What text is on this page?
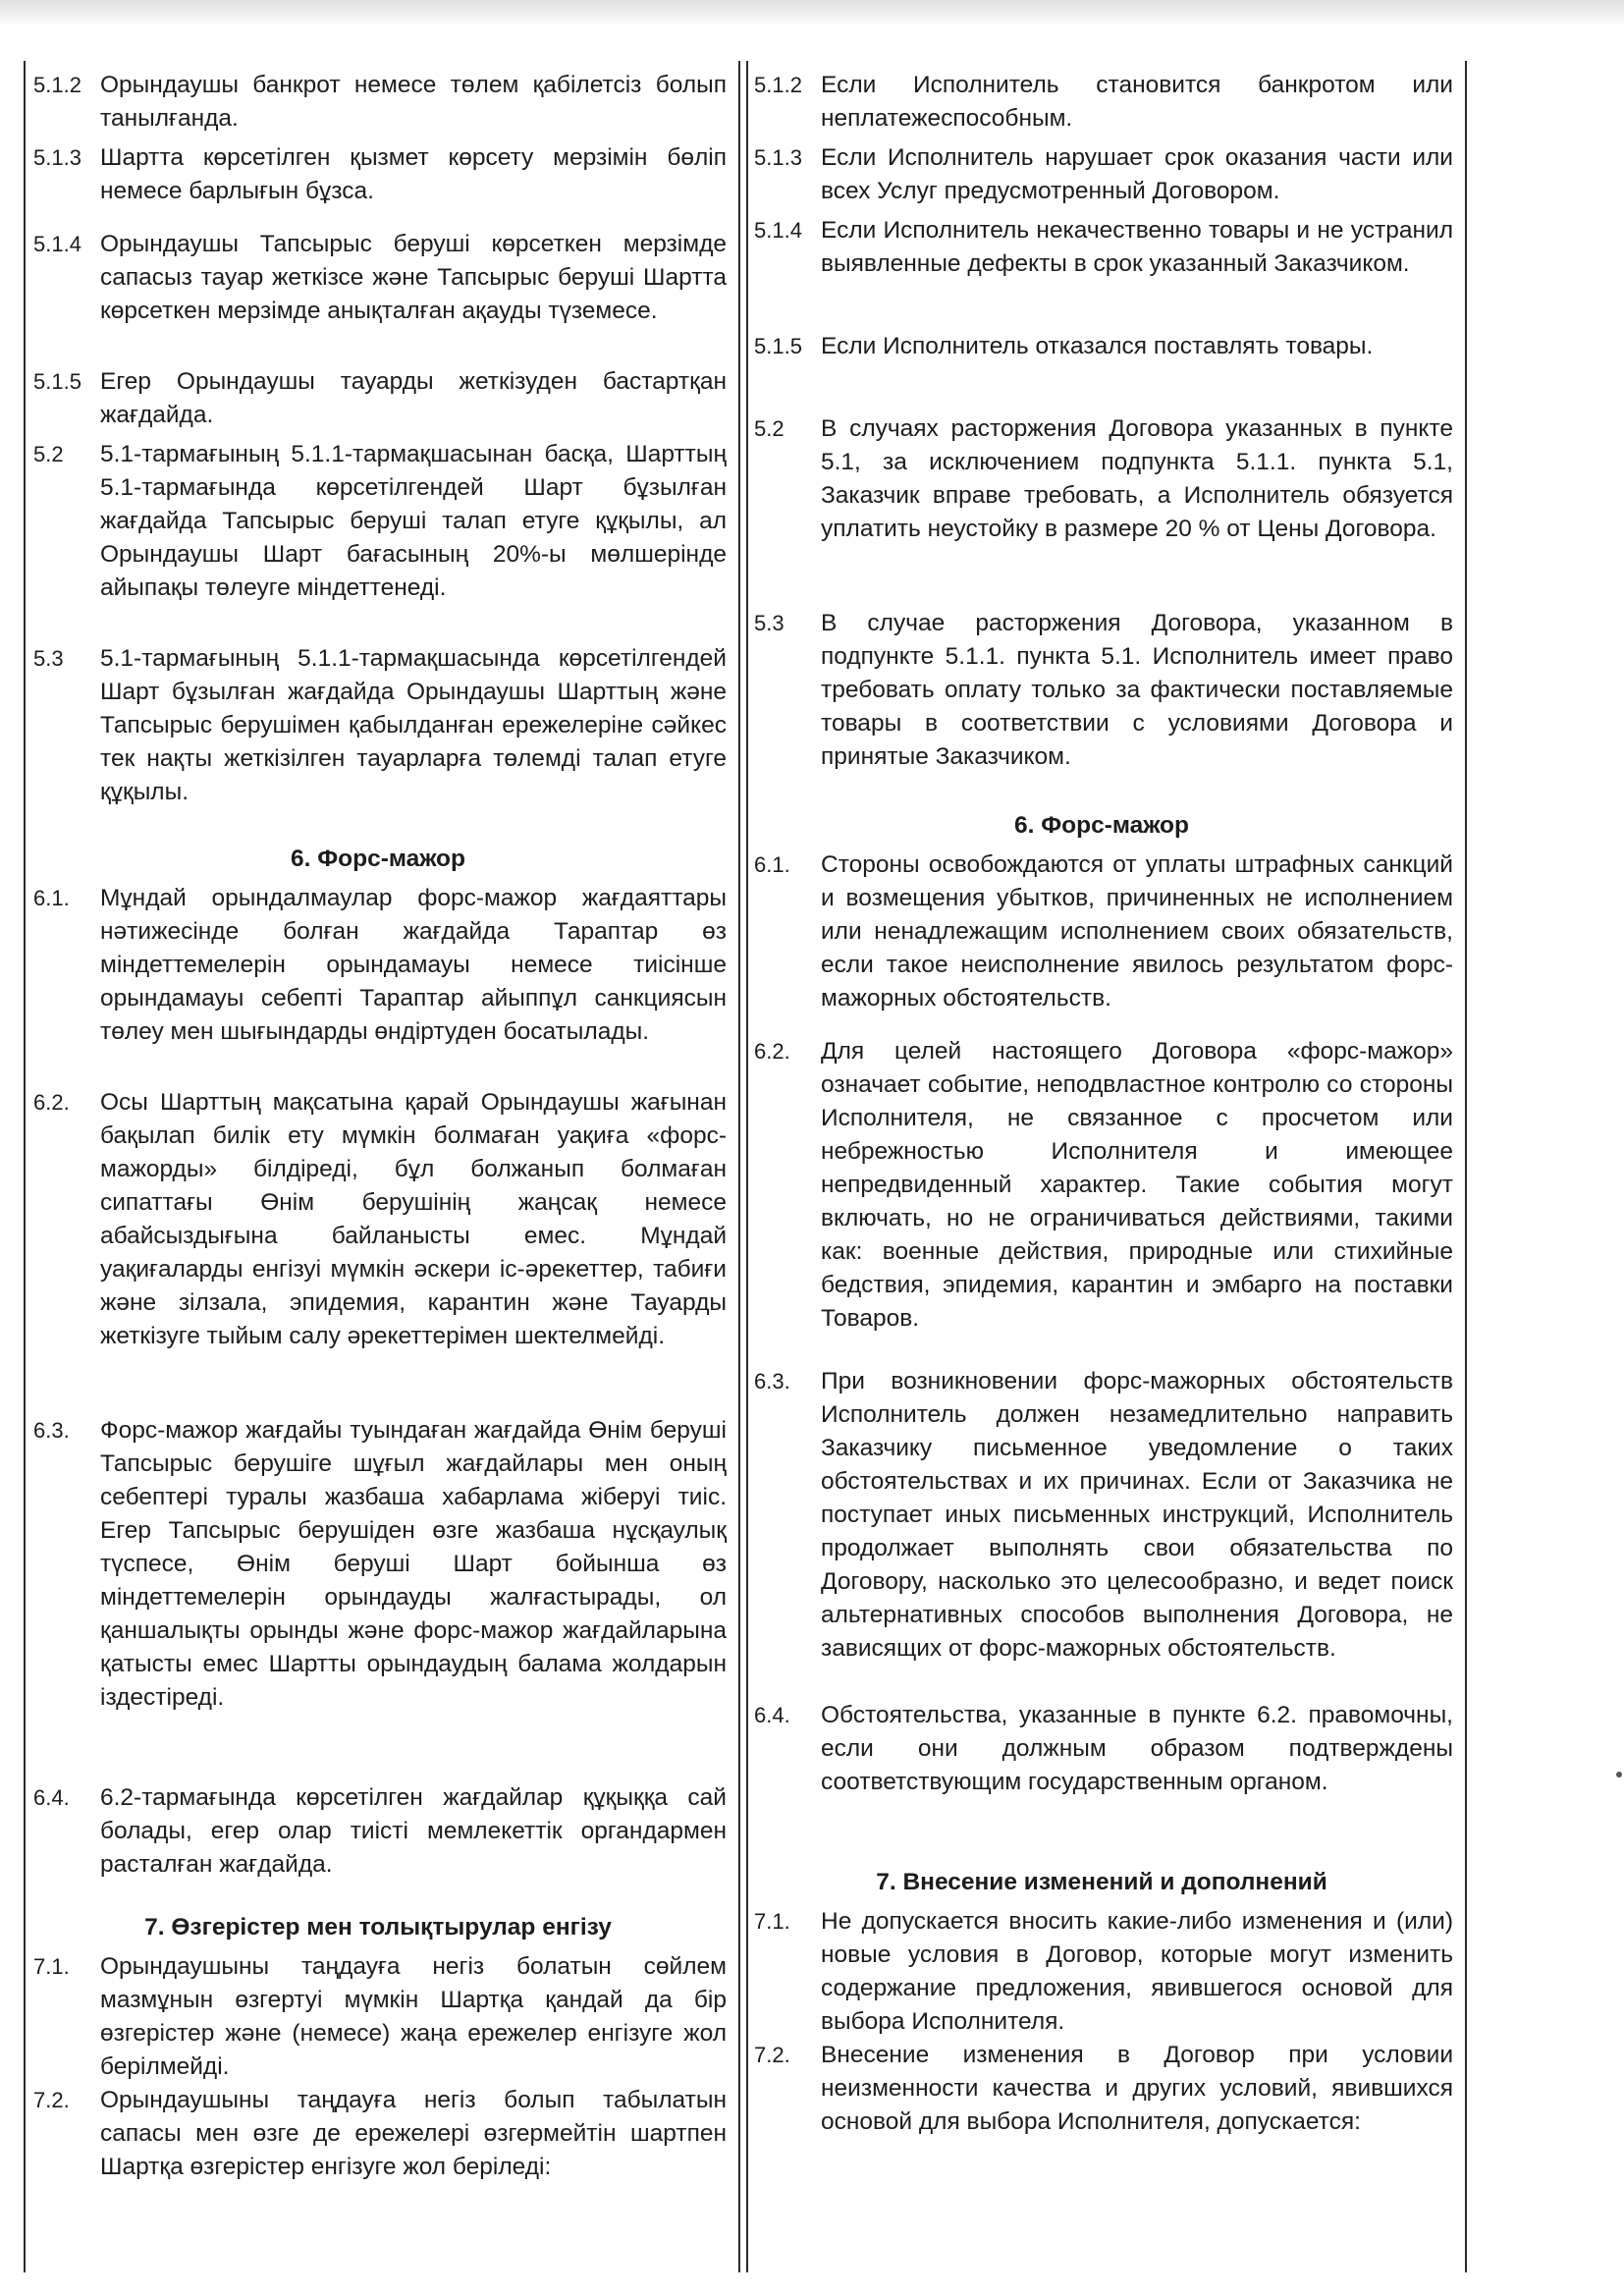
5.1.2 Орындаушы банкрот немесе төлем қабілетсіз болып танылғанда.
5.1.3 Шартта көрсетілген қызмет көрсету мерзімін бөліп немесе барлығын бұзса.
5.1.4 Орындаушы Тапсырыс беруші көрсеткен мерзімде сапасыз тауар жеткізсе және Тапсырыс беруші Шартта көрсеткен мерзімде анықталған ақауды түземесе.
5.1.5 Егер Орындаушы тауарды жеткізуден бастартқан жағдайда.
5.2 5.1-тармағының 5.1.1-тармақшасынан басқа, Шарттың 5.1-тармағында көрсетілгендей Шарт бұзылған жағдайда Тапсырыс беруші талап етуге құқылы, ал Орындаушы Шарт бағасының 20%-ы мөлшерінде айыпақы төлеуге міндеттенеді.
5.3 5.1-тармағының 5.1.1-тармақшасында көрсетілгендей Шарт бұзылған жағдайда Орындаушы Шарттың және Тапсырыс берушімен қабылданған ережелеріне сәйкес тек нақты жеткізілген тауарларға төлемді талап етуге құқылы.
6. Форс-мажор
6.1. Мұндай орындалмаулар форс-мажор жағдаяттары нәтижесінде болған жағдайда Тараптар өз міндеттемелерін орындамауы немесе тиісінше орындамауы себепті Тараптар айыппұл санкциясын төлеу мен шығындарды өндіртуден босатылады.
6.2. Осы Шарттың мақсатына қарай Орындаушы жағынан бақылап билік ету мүмкін болмаған уақиға «форс-мажорды» білдіреді, бұл болжанып болмаған сипаттағы Өнім берушінің жаңсақ немесе абайсыздығына байланысты емес. Мұндай уақиғаларды енгізуі мүмкін әскери іс-әрекеттер, табиғи және зілзала, эпидемия, карантин және Тауарды жеткізуге тыйым салу әрекеттерімен шектелмейді.
6.3. Форс-мажор жағдайы туындаған жағдайда Өнім беруші Тапсырыс берушіге шұғыл жағдайлары мен оның себептері туралы жазбаша хабарлама жіберуі тиіс. Егер Тапсырыс берушіден өзге жазбаша нұсқаулық түспесе, Өнім беруші Шарт бойынша өз міндеттемелерін орындауды жалғастырады, ол қаншалықты орынды және форс-мажор жағдайларына қатысты емес Шартты орындаудың балама жолдарын іздестіреді.
6.4. 6.2-тармағында көрсетілген жағдайлар құқыққа сай болады, егер олар тиісті мемлекеттік органдармен расталған жағдайда.
7. Өзгерістер мен толықтырулар енгізу
7.1. Орындаушыны таңдауға негіз болатын сөйлем мазмұнын өзгертуі мүмкін Шартқа қандай да бір өзгерістер және (немесе) жаңа ережелер енгізуге жол берілмейді.
7.2. Орындаушыны таңдауға негіз болып табылатын сапасы мен өзге де ережелері өзгермейтін шартпен Шартқа өзгерістер енгізуге жол беріледі:
5.1.2 Если Исполнитель становится банкротом или неплатежеспособным.
5.1.3 Если Исполнитель нарушает срок оказания части или всех Услуг предусмотренный Договором.
5.1.4 Если Исполнитель некачественно товары и не устранил выявленные дефекты в срок указанный Заказчиком.
5.1.5 Если Исполнитель отказался поставлять товары.
5.2 В случаях расторжения Договора указанных в пункте 5.1, за исключением подпункта 5.1.1. пункта 5.1, Заказчик вправе требовать, а Исполнитель обязуется уплатить неустойку в размере 20 % от Цены Договора.
5.3 В случае расторжения Договора, указанном в подпункте 5.1.1. пункта 5.1. Исполнитель имеет право требовать оплату только за фактически поставляемые товары в соответствии с условиями Договора и принятые Заказчиком.
6. Форс-мажор
6.1. Стороны освобождаются от уплаты штрафных санкций и возмещения убытков, причиненных не исполнением или ненадлежащим исполнением своих обязательств, если такое неисполнение явилось результатом форс-мажорных обстоятельств.
6.2. Для целей настоящего Договора «форс-мажор» означает событие, неподвластное контролю со стороны Исполнителя, не связанное с просчетом или небрежностью Исполнителя и имеющее непредвиденный характер. Такие события могут включать, но не ограничиваться действиями, такими как: военные действия, природные или стихийные бедствия, эпидемия, карантин и эмбарго на поставки Товаров.
6.3. При возникновении форс-мажорных обстоятельств Исполнитель должен незамедлительно направить Заказчику письменное уведомление о таких обстоятельствах и их причинах. Если от Заказчика не поступает иных письменных инструкций, Исполнитель продолжает выполнять свои обязательства по Договору, насколько это целесообразно, и ведет поиск альтернативных способов выполнения Договора, не зависящих от форс-мажорных обстоятельств.
6.4. Обстоятельства, указанные в пункте 6.2. правомочны, если они должным образом подтверждены соответствующим государственным органом.
7. Внесение изменений и дополнений
7.1. Не допускается вносить какие-либо изменения и (или) новые условия в Договор, которые могут изменить содержание предложения, явившегося основой для выбора Исполнителя.
7.2. Внесение изменения в Договор при условии неизменности качества и других условий, явившихся основой для выбора Исполнителя, допускается:
